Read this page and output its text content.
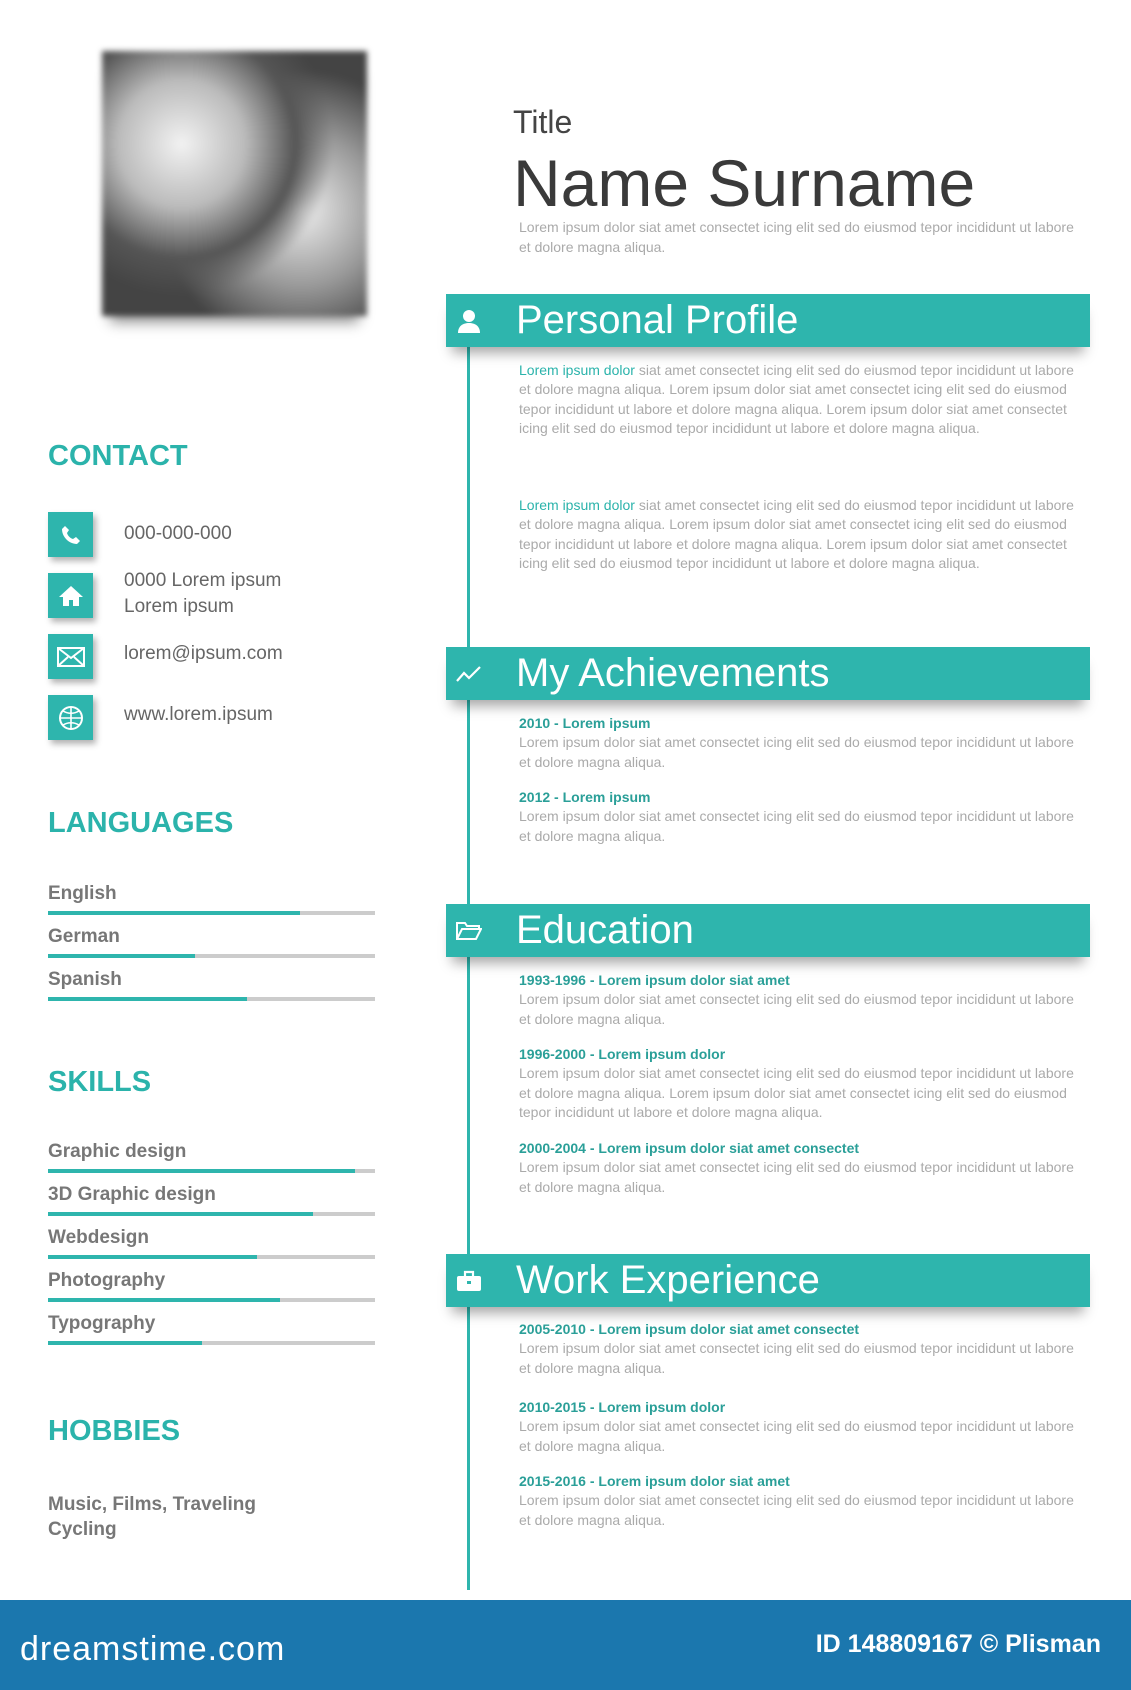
Title
Name Surname
Lorem ipsum dolor siat amet consectet icing elit sed do eiusmod tepor incididunt ut labore et dolore magna aliqua.
CONTACT
000-000-000
0000 Lorem ipsum
Lorem ipsum
lorem@ipsum.com
www.lorem.ipsum
LANGUAGES
English
German
Spanish
SKILLS
Graphic design
3D Graphic design
Webdesign
Photography
Typography
HOBBIES
Music, Films, Traveling
Cycling
Personal Profile
Lorem ipsum dolor siat amet consectet icing elit sed do eiusmod tepor incididunt ut labore et dolore magna aliqua. Lorem ipsum dolor siat amet consectet icing elit sed do eiusmod tepor incididunt ut labore et dolore magna aliqua. Lorem ipsum dolor siat amet consectet icing elit sed do eiusmod tepor incididunt ut labore et dolore magna aliqua.
Lorem ipsum dolor siat amet consectet icing elit sed do eiusmod tepor incididunt ut labore et dolore magna aliqua. Lorem ipsum dolor siat amet consectet icing elit sed do eiusmod tepor incididunt ut labore et dolore magna aliqua. Lorem ipsum dolor siat amet consectet icing elit sed do eiusmod tepor incididunt ut labore et dolore magna aliqua.
My Achievements
2010 - Lorem ipsum
Lorem ipsum dolor siat amet consectet icing elit sed do eiusmod tepor incididunt ut labore et dolore magna aliqua.
2012 - Lorem ipsum
Lorem ipsum dolor siat amet consectet icing elit sed do eiusmod tepor incididunt ut labore et dolore magna aliqua.
Education
1993-1996 - Lorem ipsum dolor siat amet
Lorem ipsum dolor siat amet consectet icing elit sed do eiusmod tepor incididunt ut labore et dolore magna aliqua.
1996-2000 - Lorem ipsum dolor
Lorem ipsum dolor siat amet consectet icing elit sed do eiusmod tepor incididunt ut labore et dolore magna aliqua. Lorem ipsum dolor siat amet consectet icing elit sed do eiusmod tepor incididunt ut labore et dolore magna aliqua.
2000-2004 - Lorem ipsum dolor siat amet consectet
Lorem ipsum dolor siat amet consectet icing elit sed do eiusmod tepor incididunt ut labore et dolore magna aliqua.
Work Experience
2005-2010 - Lorem ipsum dolor siat amet consectet
Lorem ipsum dolor siat amet consectet icing elit sed do eiusmod tepor incididunt ut labore et dolore magna aliqua.
2010-2015 - Lorem ipsum dolor
Lorem ipsum dolor siat amet consectet icing elit sed do eiusmod tepor incididunt ut labore et dolore magna aliqua.
2015-2016 - Lorem ipsum dolor siat amet
Lorem ipsum dolor siat amet consectet icing elit sed do eiusmod tepor incididunt ut labore et dolore magna aliqua.
dreamstime.com	ID 148809167 © Plisman
